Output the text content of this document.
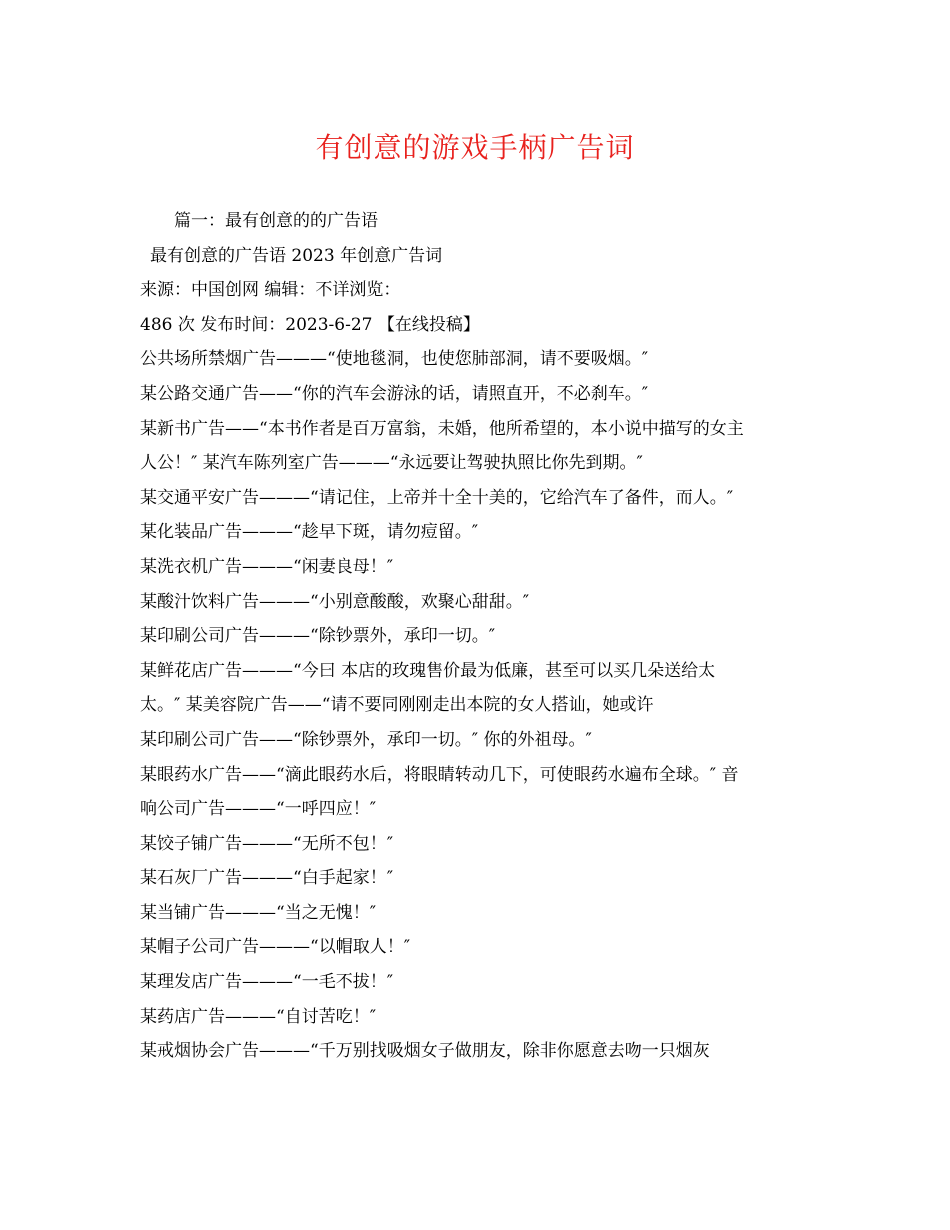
有创意的游戏手柄广告词
篇一：最有创意的的广告语
最有创意的广告语 2023 年创意广告词
来源：中国创网 编辑：不详浏览：
486 次 发布时间：2023-6-27 【在线投稿】
公共场所禁烟广告———“使地毯洞，也使您肺部洞，请不要吸烟。″
某公路交通广告——“你的汽车会游泳的话，请照直开，不必刹车。″
某新书广告——“本书作者是百万富翁，未婚，他所希望的，本小说中描写的女主
人公！″ 某汽车陈列室广告———“永远要让驾驶执照比你先到期。″
某交通平安广告———“请记住，上帝并十全十美的，它给汽车了备件，而人。″
某化装品广告———“趁早下斑，请勿痘留。″
某洗衣机广告———“闲妻良母！″
某酸汁饮料广告———“小别意酸酸，欢聚心甜甜。″
某印刷公司广告———“除钞票外，承印一切。″
某鲜花店广告———“今曰 本店的玫瑰售价最为低廉，甚至可以买几朵送给太
太。″ 某美容院广告——“请不要同刚刚走出本院的女人搭讪，她或许
某印刷公司广告——“除钞票外，承印一切。″ 你的外祖母。″
某眼药水广告——“滴此眼药水后，将眼睛转动几下，可使眼药水遍布全球。″ 音
响公司广告———“一呼四应！″
某饺子铺广告———“无所不包！″
某石灰厂广告———“白手起家！″
某当铺广告———“当之无愧！″
某帽子公司广告———“以帽取人！″
某理发店广告———“一毛不拔！″
某药店广告———“自讨苦吃！″
某戒烟协会广告———“千万别找吸烟女子做朋友，除非你愿意去吻一只烟灰
